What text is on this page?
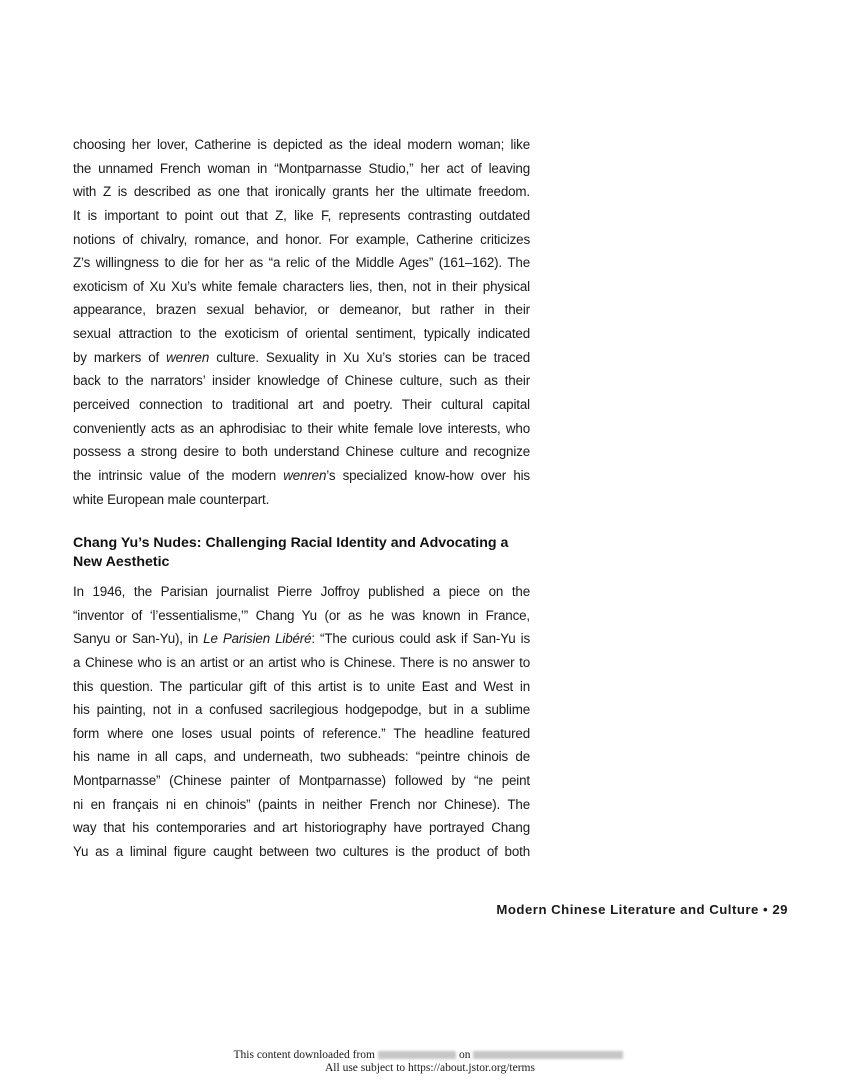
choosing her lover, Catherine is depicted as the ideal modern woman; like
the unnamed French woman in “Montparnasse Studio,” her act of leaving
with Z is described as one that ironically grants her the ultimate freedom.
It is important to point out that Z, like F, represents contrasting outdated
notions of chivalry, romance, and honor. For example, Catherine criticizes
Z’s willingness to die for her as “a relic of the Middle Ages” (161–162). The
exoticism of Xu Xu’s white female characters lies, then, not in their physical
appearance, brazen sexual behavior, or demeanor, but rather in their
sexual attraction to the exoticism of oriental sentiment, typically indicated
by markers of wenren culture. Sexuality in Xu Xu’s stories can be traced
back to the narrators’ insider knowledge of Chinese culture, such as their
perceived connection to traditional art and poetry. Their cultural capital
conveniently acts as an aphrodisiac to their white female love interests, who
possess a strong desire to both understand Chinese culture and recognize
the intrinsic value of the modern wenren’s specialized know-how over his
white European male counterpart.
Chang Yu’s Nudes: Challenging Racial Identity and Advocating a
New Aesthetic
In 1946, the Parisian journalist Pierre Joffroy published a piece on the
“inventor of ‘l’essentialisme,’” Chang Yu (or as he was known in France,
Sanyu or San-Yu), in Le Parisien Libéré: “The curious could ask if San-Yu is
a Chinese who is an artist or an artist who is Chinese. There is no answer to
this question. The particular gift of this artist is to unite East and West in
his painting, not in a confused sacrilegious hodgepodge, but in a sublime
form where one loses usual points of reference.” The headline featured
his name in all caps, and underneath, two subheads: “peintre chinois de
Montparnasse” (Chinese painter of Montparnasse) followed by “ne peint
ni en français ni en chinois” (paints in neither French nor Chinese). The
way that his contemporaries and art historiography have portrayed Chang
Yu as a liminal figure caught between two cultures is the product of both
Modern Chinese Literature and Culture • 29
This content downloaded from	on
All use subject to https://about.jstor.org/terms
